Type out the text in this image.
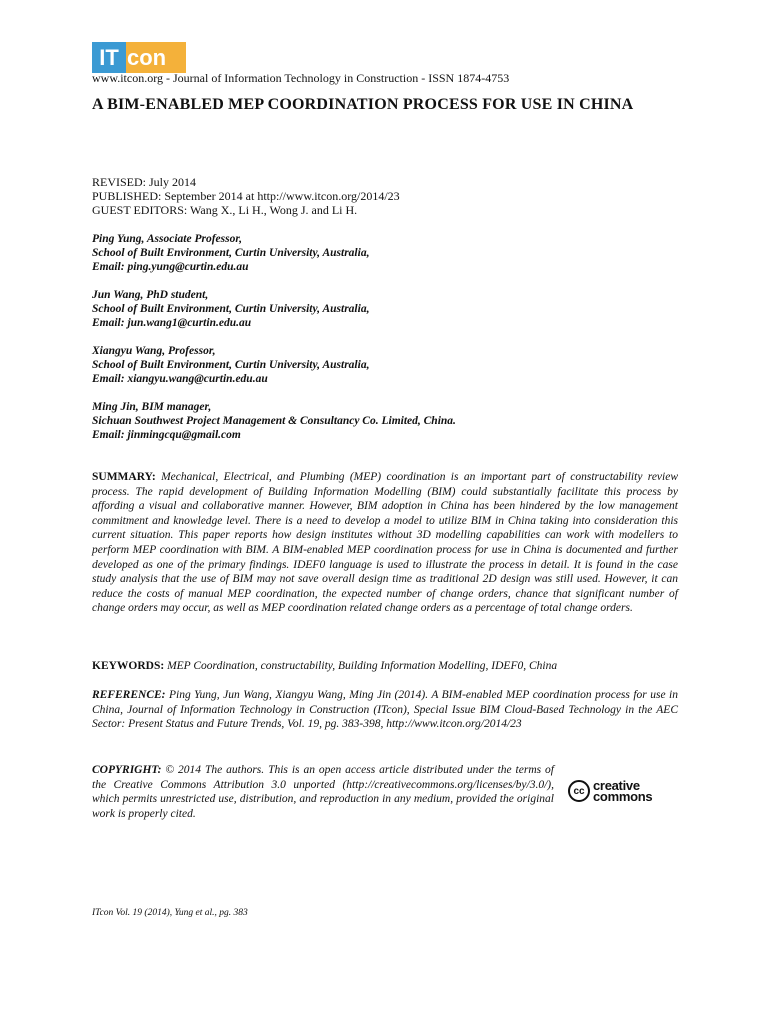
IT con
www.itcon.org - Journal of Information Technology in Construction - ISSN 1874-4753
A BIM-ENABLED MEP COORDINATION PROCESS FOR USE IN CHINA
REVISED: July 2014
PUBLISHED: September 2014 at http://www.itcon.org/2014/23
GUEST EDITORS: Wang X., Li H., Wong J. and Li H.
Ping Yung, Associate Professor,
School of Built Environment, Curtin University, Australia,
Email: ping.yung@curtin.edu.au
Jun Wang, PhD student,
School of Built Environment, Curtin University, Australia,
Email: jun.wang1@curtin.edu.au
Xiangyu Wang, Professor,
School of Built Environment, Curtin University, Australia,
Email: xiangyu.wang@curtin.edu.au
Ming Jin, BIM manager,
Sichuan Southwest Project Management & Consultancy Co. Limited, China.
Email: jinmingcqu@gmail.com
SUMMARY: Mechanical, Electrical, and Plumbing (MEP) coordination is an important part of constructability review process. The rapid development of Building Information Modelling (BIM) could substantially facilitate this process by affording a visual and collaborative manner. However, BIM adoption in China has been hindered by the low management commitment and knowledge level. There is a need to develop a model to utilize BIM in China taking into consideration this current situation. This paper reports how design institutes without 3D modelling capabilities can work with modellers to perform MEP coordination with BIM. A BIM-enabled MEP coordination process for use in China is documented and further developed as one of the primary findings. IDEF0 language is used to illustrate the process in detail. It is found in the case study analysis that the use of BIM may not save overall design time as traditional 2D design was still used. However, it can reduce the costs of manual MEP coordination, the expected number of change orders, chance that significant number of change orders may occur, as well as MEP coordination related change orders as a percentage of total change orders.
KEYWORDS: MEP Coordination, constructability, Building Information Modelling, IDEF0, China
REFERENCE: Ping Yung, Jun Wang, Xiangyu Wang, Ming Jin (2014). A BIM-enabled MEP coordination process for use in China, Journal of Information Technology in Construction (ITcon), Special Issue BIM Cloud-Based Technology in the AEC Sector: Present Status and Future Trends, Vol. 19, pg. 383-398, http://www.itcon.org/2014/23
COPYRIGHT: © 2014 The authors. This is an open access article distributed under the terms of the Creative Commons Attribution 3.0 unported (http://creativecommons.org/licenses/by/3.0/), which permits unrestricted use, distribution, and reproduction in any medium, provided the original work is properly cited.
cc creative
commons
ITcon Vol. 19 (2014), Yung et al., pg. 383
